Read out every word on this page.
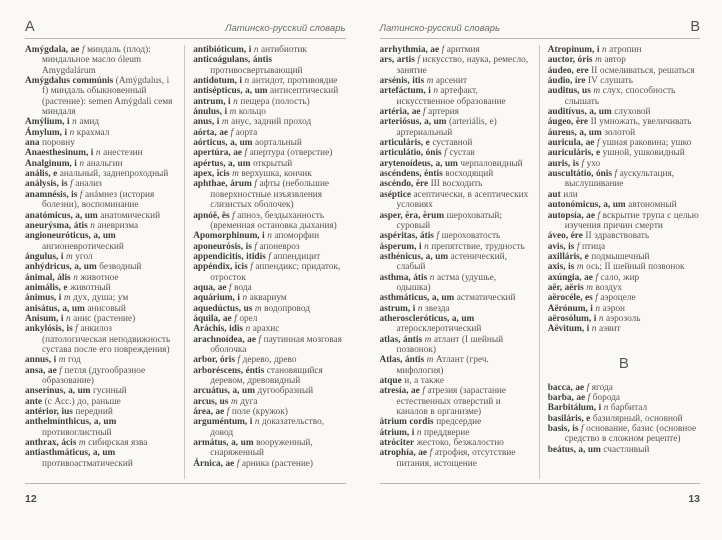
А	Латинско-русский словарь
Amýgdala, ae f миндаль (плод): миндальное масло óleum Amygdalárum
Amýgdalus commúnis (Amýgdalus, i f) миндаль обыкновенный (растение): semen Amýgdali семя миндаля
Amýlium, i n амид
Ámylum, i n крахмал
ana поровну
Anaesthesinum, i n анестезин
Analginum, i n анальгин
anális, e анальный, заднепроходный
análysis, is f анализ
anamnésis, is f анáмнез (история болезни), воспоминание
anatómicus, a, um анатомический
aneurýsma, átis n аневризма
angioneuróticus, a, um ангионевротический
ángulus, i m угол
anhýdricus, a, um безводный
ánimal, ális n животное
animális, e животный
ánimus, i m дух, душа; ум
anisátus, a, um анисовый
Anisum, i n анис (растение)
ankylósis, is f анкилоз (патологическая неподвижность сустава после его повреждения)
annus, i m год
ansa, ae f петля (дугообразное образование)
anserínus, a, um гусиный
ante (с Acc.) до, раньше
antérior, ius передний
anthelmínthicus, a, um противоглистный
anthrax, ácis m сибирская язва
antiasthmáticus, a, um противоастматический
antibióticum, i n антибиотик
anticoágulans, ántis противосвертывающий
antidotum, i n антидот, противоядие
antisépticus, a, um антисептический
antrum, i n пещера (полость)
ánulus, i m кольцо
anus, i m анус, задний проход
aórta, ae f аорта
aórticus, a, um аортальный
apertúra, ae f апертура (отверстие)
apértus, a, um открытый
apex, ĭcis m верхушка, кончик
aphthae, árum f афты (небольшие поверхностные изъязвления слизистых оболочек)
apnóë, ës f апноэ, бездыханность (временная остановка дыхания)
Apomorphinum, i n апоморфин
aponeurósis, is f апоневроз
appendicitis, itidis f аппендицит
appéndix, ĭcis f аппендикс; придаток, отросток
aqua, ae f вода
aquárium, i n аквариум
aquedúctus, us m водопровод
áquila, ae f орел
Aráchis, idis n арахис
arachnoídea, ae f паутинная мозговая оболочка
arbor, óris f дерево, древо
arboréscens, éntis становящийся деревом, древовидный
arcuátus, a, um дугообразный
arcus, us m дуга
área, ae f поле (кружок)
arguméntum, i n доказательство, довод
armátus, a, um вооруженный, снаряженный
Árnica, ae f арника (растение)
12
Латинско-русский словарь	B
arrhythmia, ae f аритмия
ars, artis f искусство, наука, ремесло, занятие
arsénis, itis m арсенит
artefáctum, i n артефакт, искусственное образование
artéria, ae f артерия
arteriósus, a, um (arteriális, e) артериальный
articuláris, e суставной
articulátio, ónis f сустав
arytenoídeus, a, um черпаловидный
ascéndens, éntis восходящий
ascéndo, ĕre III восходить
aséptice асептически, в асептических условиях
asper, ĕra, ĕrum шероховатый; суровый
aspéritas, átis f шероховатость
ásperum, i n препятствие, трудность
asthénicus, a, um астенический, слабый
asthma, átis n астма (удушье, одышка)
asthmáticus, a, um астматический
astrum, i n звезда
atheroscleróticus, a, um атеросклеротический
atlas, ántis m атлант (I шейный позвонок)
Atlas, ántis m Атлант (греч. мифология)
atque и, а также
atresía, ae f атрезия (зарастание естественных отверстий и каналов в организме)
átrium cordis предсердие
átrium, i n преддверие
atróciter жестоко, безжалостно
atrophía, ae f атрофия, отсутствие питания, истощение
Atropinum, i n атропин
auctor, óris m автор
áudeo, ere II осмеливаться, решаться
áudio, íre IV слушать
auditus, us m слух, способность слышать
auditívus, a, um слуховой
áugeo, ĕre II умножать, увеличивать
áureus, a, um золотой
auricula, ae f ушная раковина; ушко
auriculáris, e ушной, ушковидный
auris, is f ухо
auscultátio, ónis f аускультация, выслушивание
aut или
autonómicus, a, um автономный
autopsía, ae f вскрытие трупа с целью изучения причин смерти
áveo, ére II здравствовать
avis, is f птица
axilláris, e подмышечный
axis, is m ось; II шейный позвонок
axúngia, ae f сало, жир
aër, aëris m воздух
aërocéle, es f аэроцеле
Aërónum, i n аэрон
aërosólum, i n аэрозоль
Aëvitum, i n аэвит
B
bacca, ae f ягода
barba, ae f борода
Barbitálum, i n барбитал
basiláris, e базилярный, основной
basis, is f основание, базис (основное средство в сложном рецепте)
beátus, a, um счастливый
13
